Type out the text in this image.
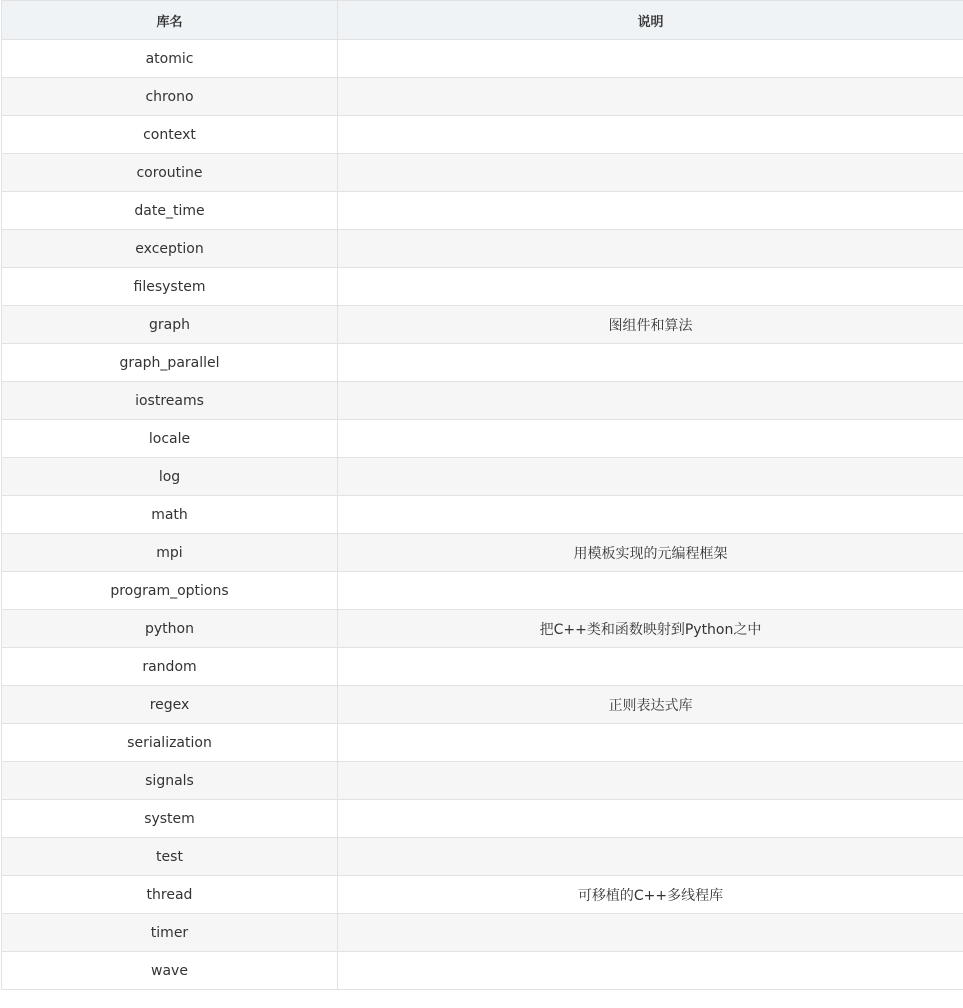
库名	说明
atomic	
chrono	
context	
coroutine	
date_time	
exception	
filesystem	
graph	图组件和算法
graph_parallel	
iostreams	
locale	
log	
math	
mpi	用模板实现的元编程框架
program_options	
python	把C++类和函数映射到Python之中
random	
regex	正则表达式库
serialization	
signals	
system	
test	
thread	可移植的C++多线程库
timer	
wave	
